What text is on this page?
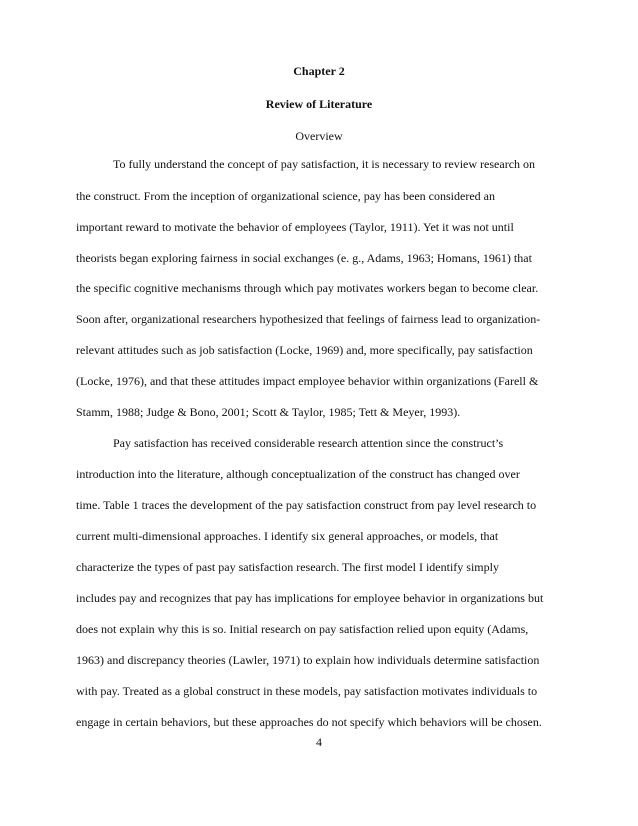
Chapter 2

Review of Literature

Overview

To fully understand the concept of pay satisfaction, it is necessary to review research on

the construct. From the inception of organizational science, pay has been considered an

important reward to motivate the behavior of employees (Taylor, 1911). Yet it was not until

theorists began exploring fairness in social exchanges (e. g., Adams, 1963; Homans, 1961) that

the specific cognitive mechanisms through which pay motivates workers began to become clear.

Soon after, organizational researchers hypothesized that feelings of fairness lead to organization-

relevant attitudes such as job satisfaction (Locke, 1969) and, more specifically, pay satisfaction

(Locke, 1976), and that these attitudes impact employee behavior within organizations (Farell &

Stamm, 1988; Judge & Bono, 2001; Scott & Taylor, 1985; Tett & Meyer, 1993).

Pay satisfaction has received considerable research attention since the construct’s

introduction into the literature, although conceptualization of the construct has changed over

time. Table 1 traces the development of the pay satisfaction construct from pay level research to

current multi-dimensional approaches. I identify six general approaches, or models, that

characterize the types of past pay satisfaction research. The first model I identify simply

includes pay and recognizes that pay has implications for employee behavior in organizations but

does not explain why this is so. Initial research on pay satisfaction relied upon equity (Adams,

1963) and discrepancy theories (Lawler, 1971) to explain how individuals determine satisfaction

with pay. Treated as a global construct in these models, pay satisfaction motivates individuals to

engage in certain behaviors, but these approaches do not specify which behaviors will be chosen.

4
